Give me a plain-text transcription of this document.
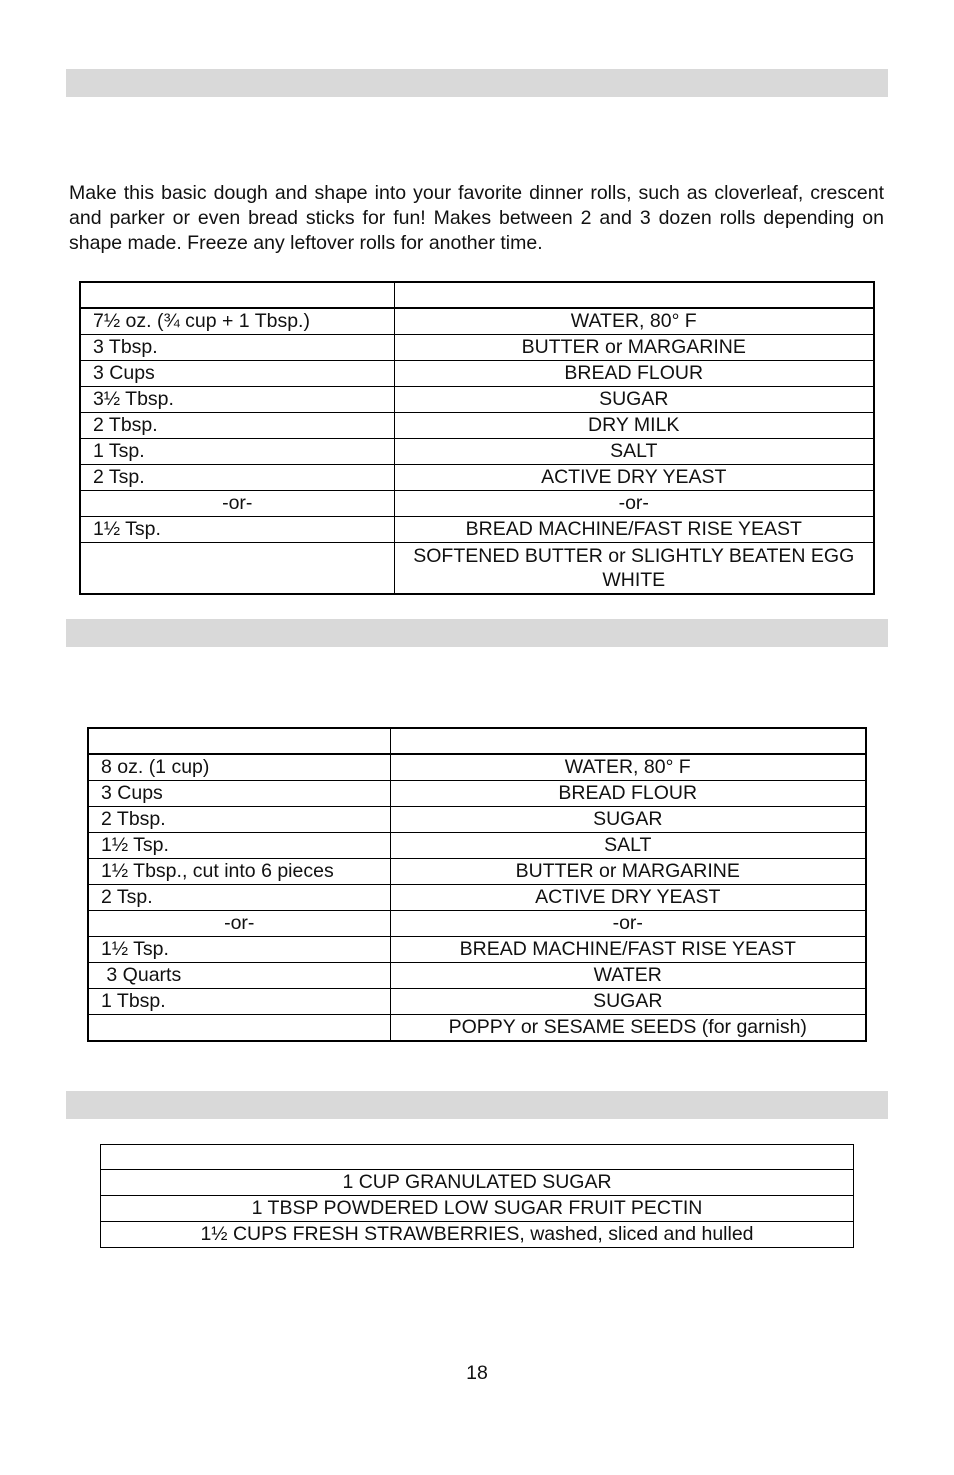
Make this basic dough and shape into your favorite dinner rolls, such as cloverleaf, crescent and parker or even bread sticks for fun! Makes between 2 and 3 dozen rolls depending on shape made. Freeze any leftover rolls for another time.

7½ oz. (¾ cup + 1 Tbsp.)	WATER, 80° F
3 Tbsp.	BUTTER or MARGARINE
3 Cups	BREAD FLOUR
3½ Tbsp.	SUGAR
2 Tbsp.	DRY MILK
1 Tsp.	SALT
2 Tsp.	ACTIVE DRY YEAST
-or-	-or-
1½ Tsp.	BREAD MACHINE/FAST RISE YEAST
	SOFTENED BUTTER or SLIGHTLY BEATEN EGG WHITE

8 oz. (1 cup)	WATER, 80° F
3 Cups	BREAD FLOUR
2 Tbsp.	SUGAR
1½ Tsp.	SALT
1½ Tbsp., cut into 6 pieces	BUTTER or MARGARINE
2 Tsp.	ACTIVE DRY YEAST
-or-	-or-
1½ Tsp.	BREAD MACHINE/FAST RISE YEAST
3 Quarts	WATER
1 Tbsp.	SUGAR
	POPPY or SESAME SEEDS (for garnish)

1 CUP GRANULATED SUGAR
1 TBSP POWDERED LOW SUGAR FRUIT PECTIN
1½ CUPS FRESH STRAWBERRIES, washed, sliced and hulled
18
